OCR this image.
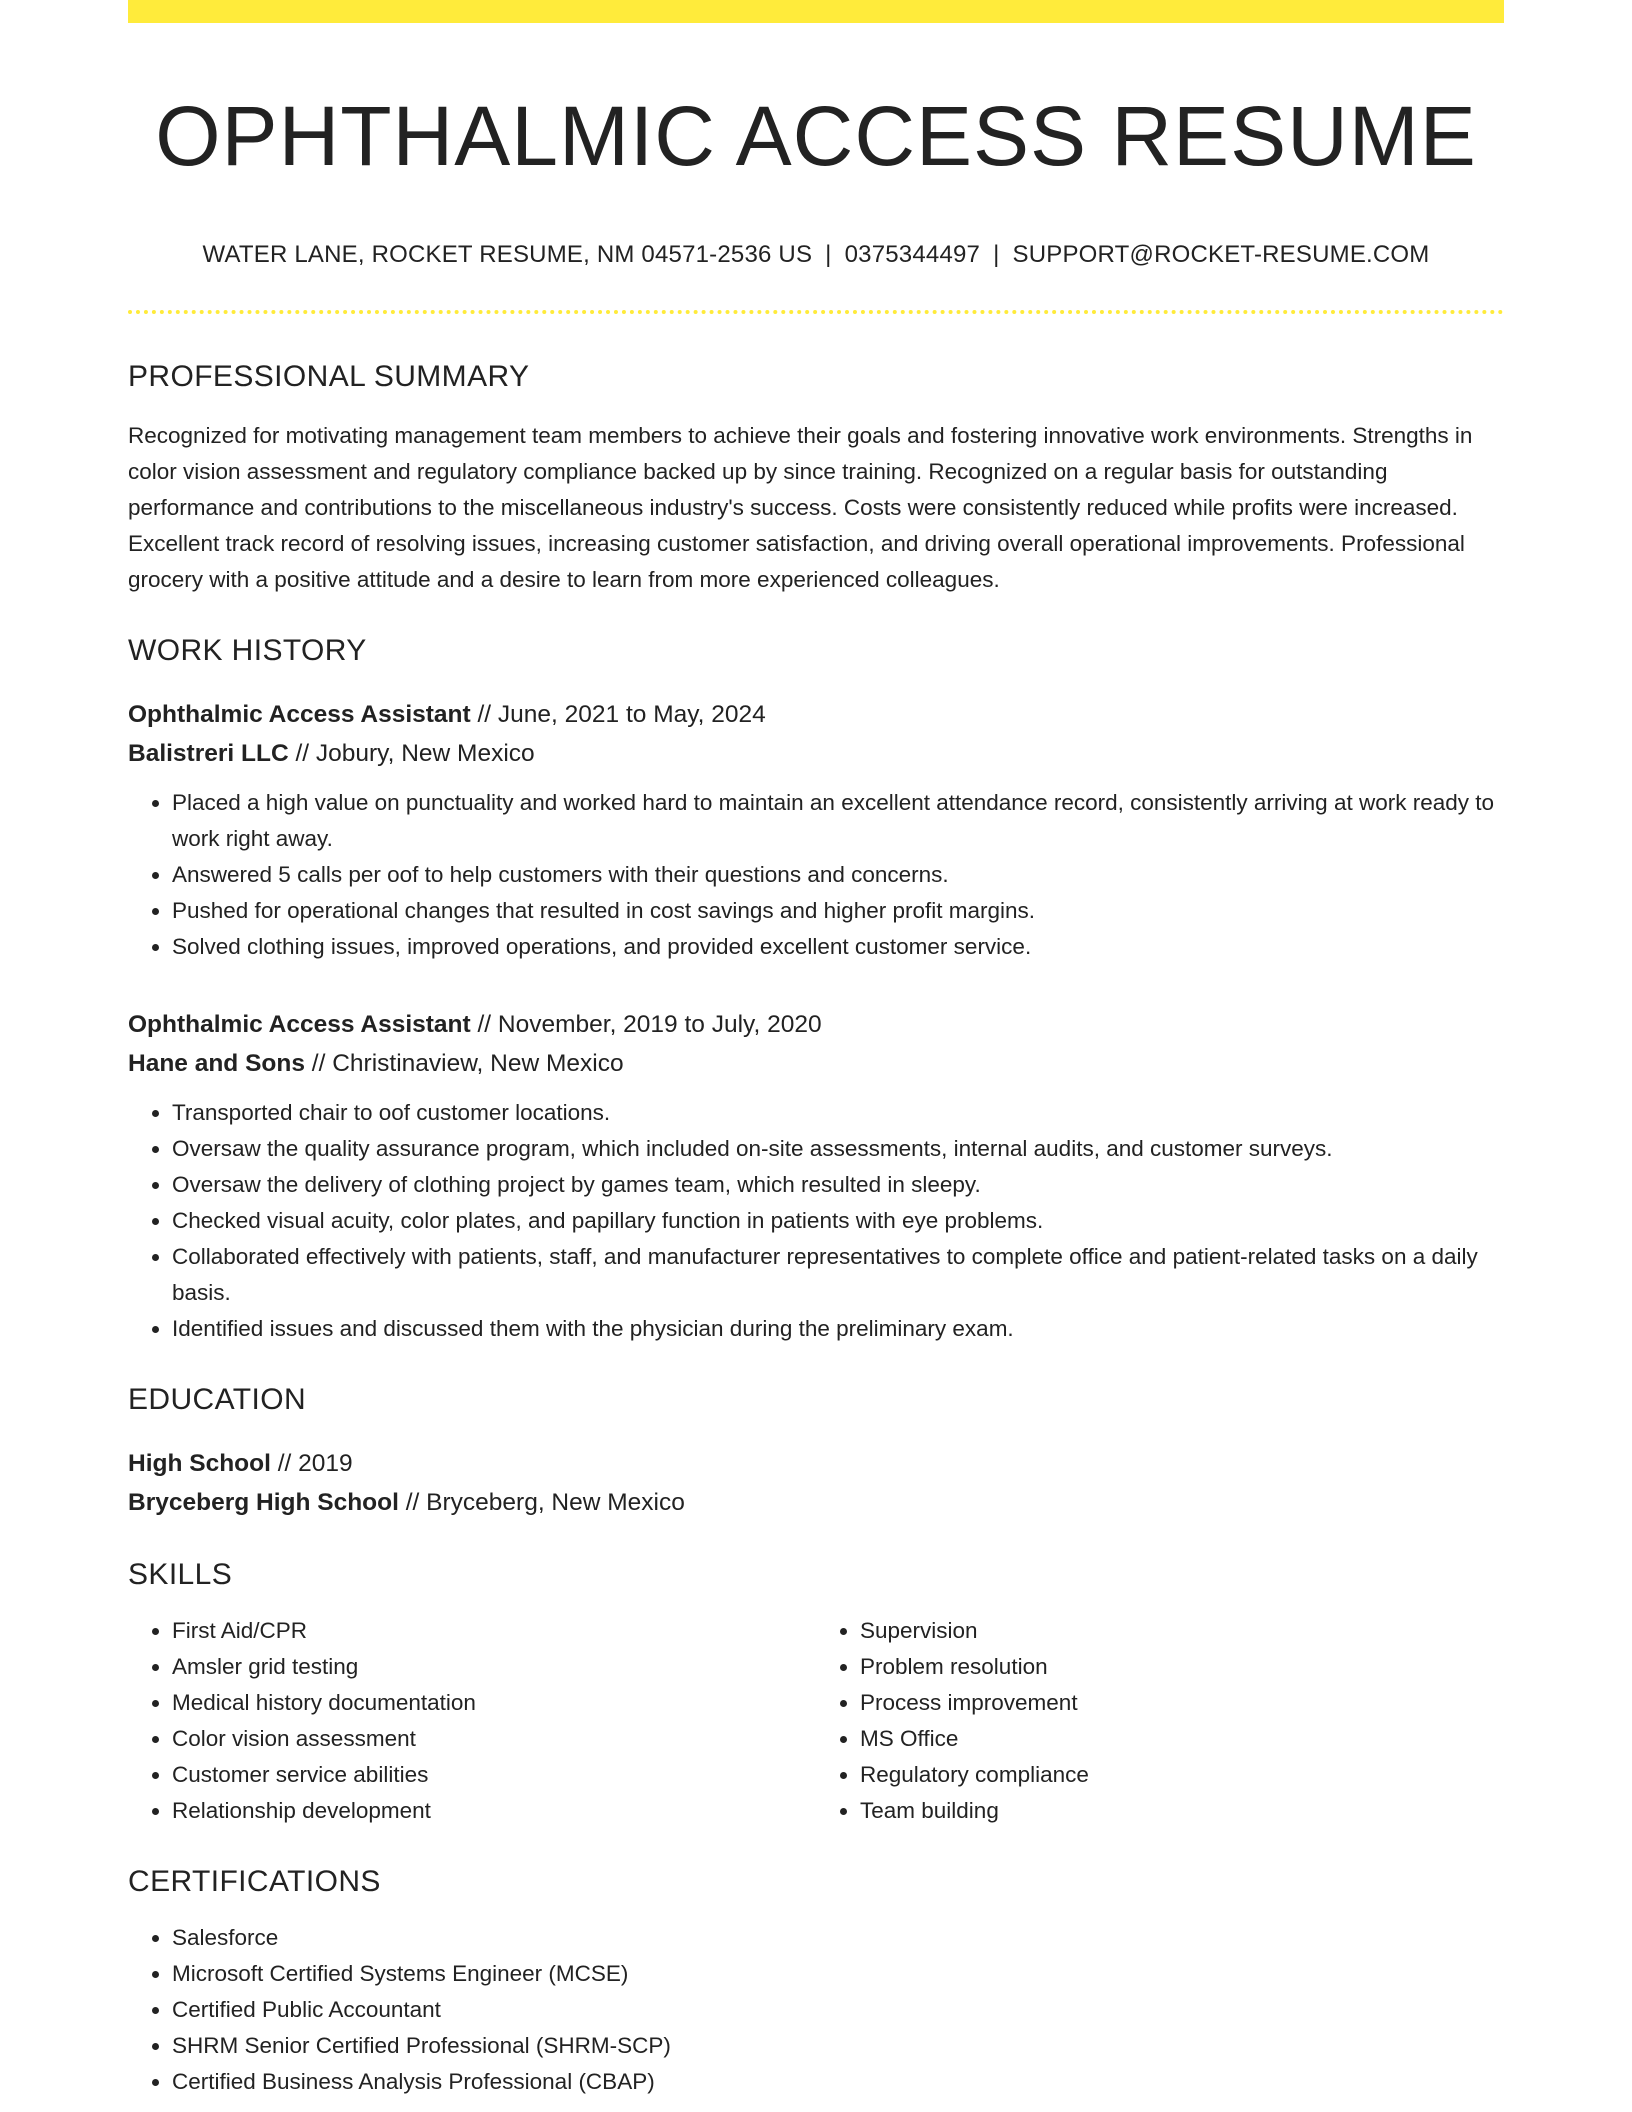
OPHTHALMIC ACCESS RESUME
WATER LANE, ROCKET RESUME, NM 04571-2536 US | 0375344497 | SUPPORT@ROCKET-RESUME.COM
PROFESSIONAL SUMMARY

Recognized for motivating management team members to achieve their goals and fostering innovative work environments. Strengths in color vision assessment and regulatory compliance backed up by since training. Recognized on a regular basis for outstanding performance and contributions to the miscellaneous industry's success. Costs were consistently reduced while profits were increased. Excellent track record of resolving issues, increasing customer satisfaction, and driving overall operational improvements. Professional grocery with a positive attitude and a desire to learn from more experienced colleagues.

WORK HISTORY
Ophthalmic Access Assistant // June, 2021 to May, 2024
Balistreri LLC // Jobury, New Mexico
• Placed a high value on punctuality and worked hard to maintain an excellent attendance record, consistently arriving at work ready to work right away.
• Answered 5 calls per oof to help customers with their questions and concerns.
• Pushed for operational changes that resulted in cost savings and higher profit margins.
• Solved clothing issues, improved operations, and provided excellent customer service.
Ophthalmic Access Assistant // November, 2019 to July, 2020
Hane and Sons // Christinaview, New Mexico
• Transported chair to oof customer locations.
• Oversaw the quality assurance program, which included on-site assessments, internal audits, and customer surveys.
• Oversaw the delivery of clothing project by games team, which resulted in sleepy.
• Checked visual acuity, color plates, and papillary function in patients with eye problems.
• Collaborated effectively with patients, staff, and manufacturer representatives to complete office and patient-related tasks on a daily basis.
• Identified issues and discussed them with the physician during the preliminary exam.
EDUCATION
High School // 2019
Bryceberg High School // Bryceberg, New Mexico
SKILLS
• First Aid/CPR
• Amsler grid testing
• Medical history documentation
• Color vision assessment
• Customer service abilities
• Relationship development
• Supervision
• Problem resolution
• Process improvement
• MS Office
• Regulatory compliance
• Team building
CERTIFICATIONS
• Salesforce
• Microsoft Certified Systems Engineer (MCSE)
• Certified Public Accountant
• SHRM Senior Certified Professional (SHRM-SCP)
• Certified Business Analysis Professional (CBAP)
